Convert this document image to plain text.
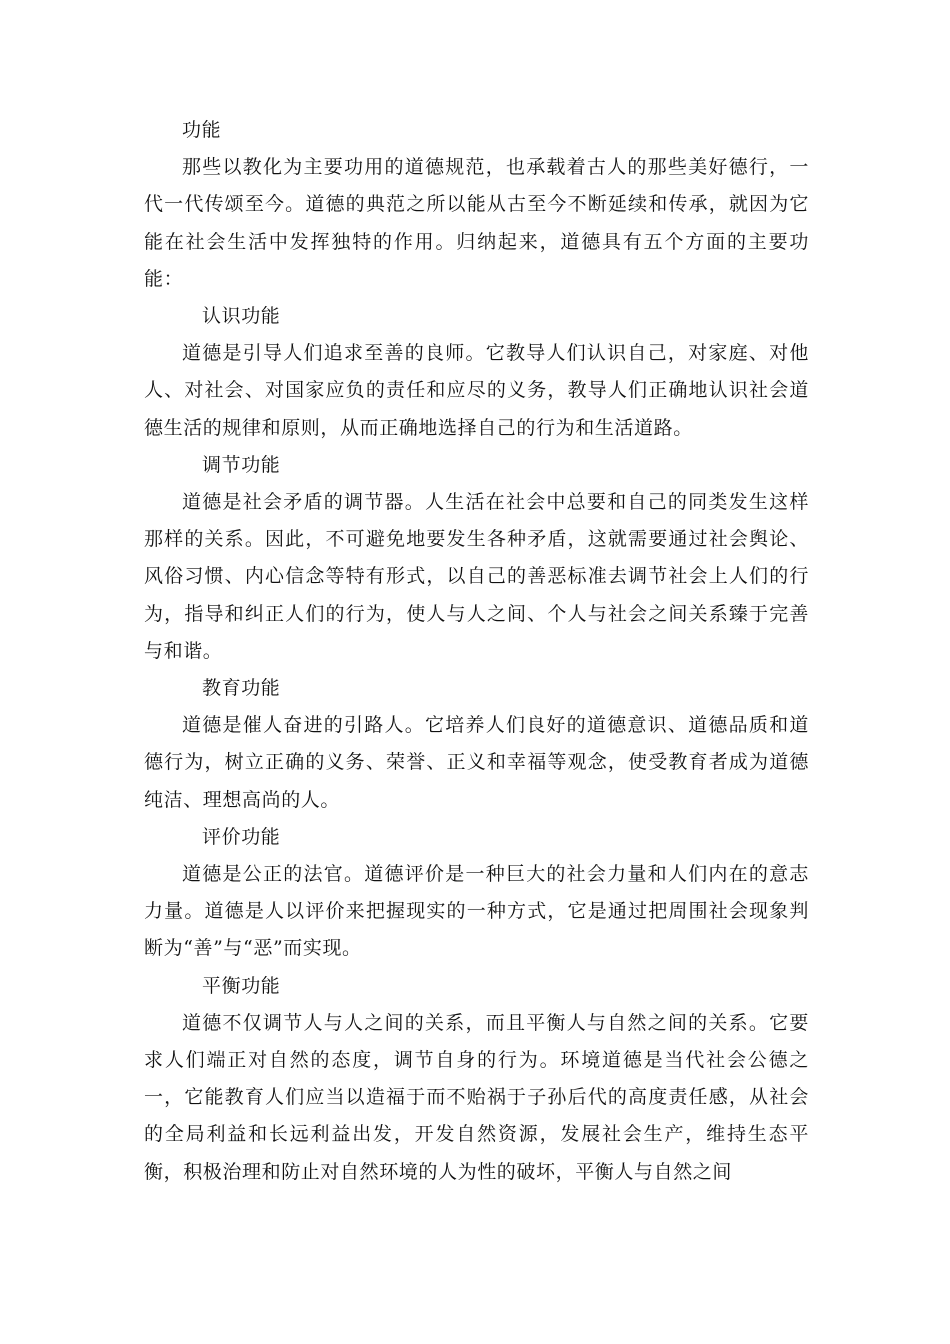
功能

那些以教化为主要功用的道德规范，也承载着古人的那些美好德行，一代一代传颂至今。道德的典范之所以能从古至今不断延续和传承，就因为它能在社会生活中发挥独特的作用。归纳起来，道德具有五个方面的主要功能：

认识功能

道德是引导人们追求至善的良师。它教导人们认识自己，对家庭、对他人、对社会、对国家应负的责任和应尽的义务，教导人们正确地认识社会道德生活的规律和原则，从而正确地选择自己的行为和生活道路。

调节功能

道德是社会矛盾的调节器。人生活在社会中总要和自己的同类发生这样那样的关系。因此，不可避免地要发生各种矛盾，这就需要通过社会舆论、风俗习惯、内心信念等特有形式，以自己的善恶标准去调节社会上人们的行为，指导和纠正人们的行为，使人与人之间、个人与社会之间关系臻于完善与和谐。

教育功能

道德是催人奋进的引路人。它培养人们良好的道德意识、道德品质和道德行为，树立正确的义务、荣誉、正义和幸福等观念，使受教育者成为道德纯洁、理想高尚的人。

评价功能

道德是公正的法官。道德评价是一种巨大的社会力量和人们内在的意志力量。道德是人以评价来把握现实的一种方式，它是通过把周围社会现象判断为“善”与“恶”而实现。

平衡功能

道德不仅调节人与人之间的关系，而且平衡人与自然之间的关系。它要求人们端正对自然的态度，调节自身的行为。环境道德是当代社会公德之一，它能教育人们应当以造福于而不贻祸于子孙后代的高度责任感，从社会的全局利益和长远利益出发，开发自然资源，发展社会生产，维持生态平衡，积极治理和防止对自然环境的人为性的破坏，平衡人与自然之间
